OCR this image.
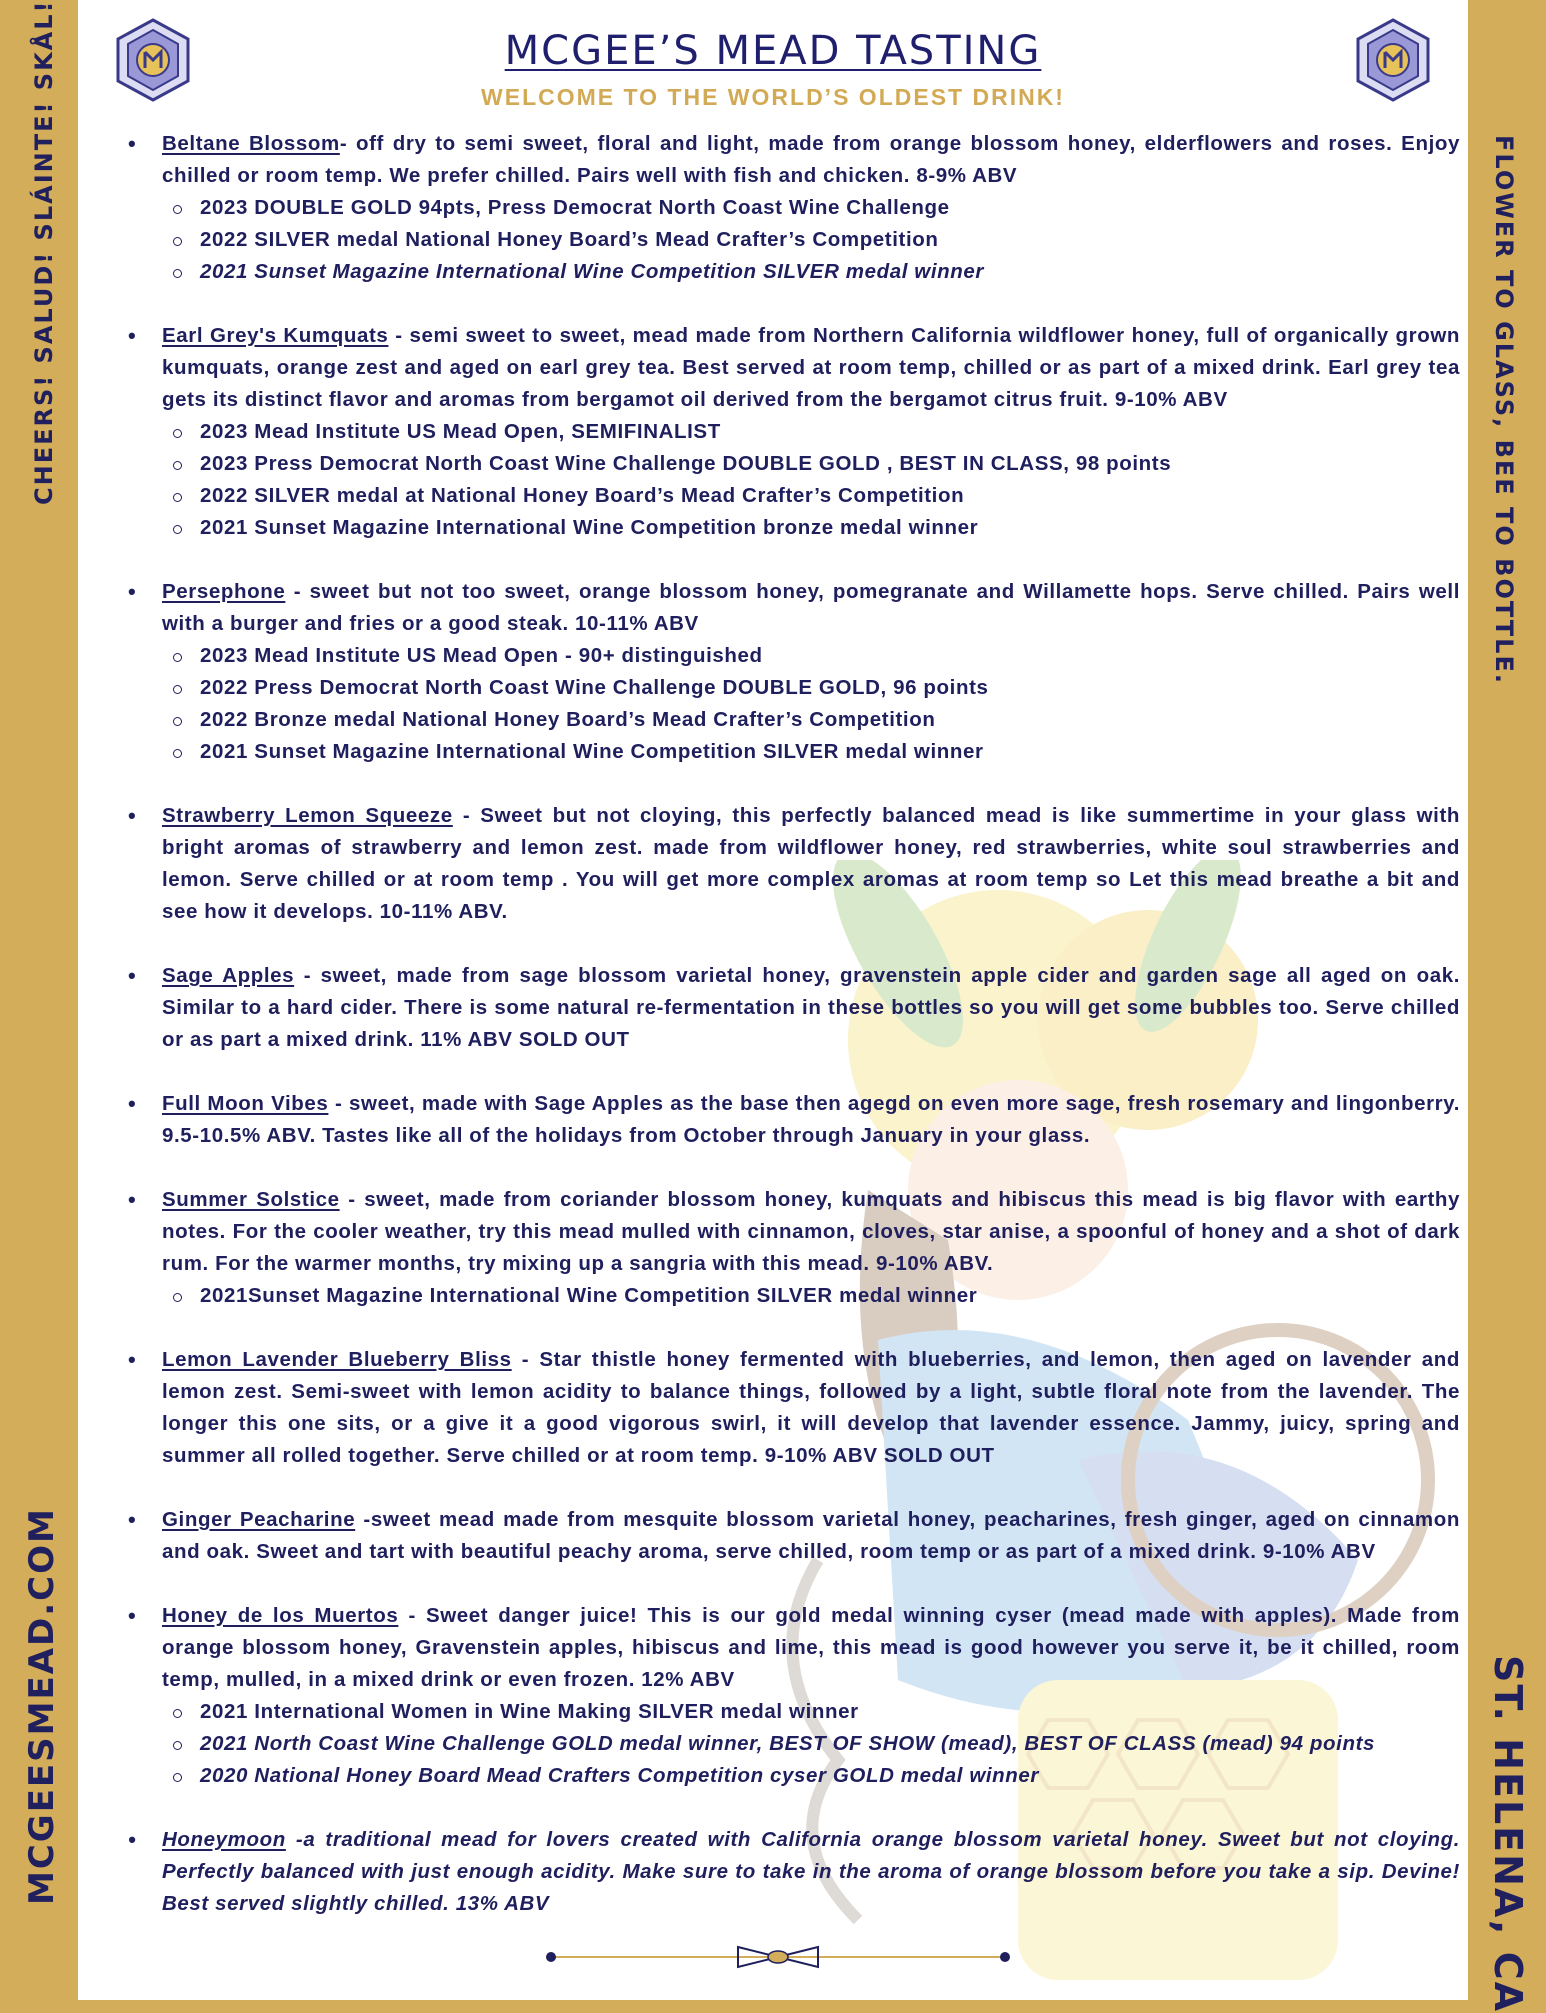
CHEERS! SALUD! SLÁINTE! SKÅL!
MCGEESMEAD.COM
FLOWER TO GLASS, BEE TO BOTTLE.
ST. HELENA, CA
MCGEE’S MEAD TASTING
WELCOME TO THE WORLD’S OLDEST DRINK!
• Beltane Blossom- off dry to semi sweet, floral and light, made from orange blossom honey, elderflowers and roses. Enjoy chilled or room temp. We prefer chilled. Pairs well with fish and chicken. 8-9% ABV
2023 DOUBLE GOLD 94pts, Press Democrat North Coast Wine Challenge
2022 SILVER medal National Honey Board’s Mead Crafter’s Competition
2021 Sunset Magazine International Wine Competition SILVER medal winner
• Earl Grey's Kumquats - semi sweet to sweet, mead made from Northern California wildflower honey, full of organically grown kumquats, orange zest and aged on earl grey tea. Best served at room temp, chilled or as part of a mixed drink. Earl grey tea gets its distinct flavor and aromas from bergamot oil derived from the bergamot citrus fruit. 9-10% ABV
2023 Mead Institute US Mead Open, SEMIFINALIST
2023 Press Democrat North Coast Wine Challenge DOUBLE GOLD , BEST IN CLASS, 98 points
2022 SILVER medal at National Honey Board’s Mead Crafter’s Competition
2021 Sunset Magazine International Wine Competition bronze medal winner
• Persephone - sweet but not too sweet, orange blossom honey, pomegranate and Willamette hops. Serve chilled. Pairs well with a burger and fries or a good steak. 10-11% ABV
2023 Mead Institute US Mead Open - 90+ distinguished
2022 Press Democrat North Coast Wine Challenge DOUBLE GOLD, 96 points
2022 Bronze medal National Honey Board’s Mead Crafter’s Competition
2021 Sunset Magazine International Wine Competition SILVER medal winner
• Strawberry Lemon Squeeze - Sweet but not cloying, this perfectly balanced mead is like summertime in your glass with bright aromas of strawberry and lemon zest. made from wildflower honey, red strawberries, white soul strawberries and lemon. Serve chilled or at room temp . You will get more complex aromas at room temp so Let this mead breathe a bit and see how it develops. 10-11% ABV.
• Sage Apples - sweet, made from sage blossom varietal honey, gravenstein apple cider and garden sage all aged on oak. Similar to a hard cider. There is some natural re-fermentation in these bottles so you will get some bubbles too. Serve chilled or as part a mixed drink. 11% ABV SOLD OUT
• Full Moon Vibes - sweet, made with Sage Apples as the base then agegd on even more sage, fresh rosemary and lingonberry. 9.5-10.5% ABV. Tastes like all of the holidays from October through January in your glass.
• Summer Solstice - sweet, made from coriander blossom honey, kumquats and hibiscus this mead is big flavor with earthy notes. For the cooler weather, try this mead mulled with cinnamon, cloves, star anise, a spoonful of honey and a shot of dark rum. For the warmer months, try mixing up a sangria with this mead. 9-10% ABV.
2021Sunset Magazine International Wine Competition SILVER medal winner
• Lemon Lavender Blueberry Bliss - Star thistle honey fermented with blueberries, and lemon, then aged on lavender and lemon zest. Semi-sweet with lemon acidity to balance things, followed by a light, subtle floral note from the lavender. The longer this one sits, or a give it a good vigorous swirl, it will develop that lavender essence. Jammy, juicy, spring and summer all rolled together. Serve chilled or at room temp. 9-10% ABV SOLD OUT
• Ginger Peacharine -sweet mead made from mesquite blossom varietal honey, peacharines, fresh ginger, aged on cinnamon and oak. Sweet and tart with beautiful peachy aroma, serve chilled, room temp or as part of a mixed drink. 9-10% ABV
• Honey de los Muertos - Sweet danger juice! This is our gold medal winning cyser (mead made with apples). Made from orange blossom honey, Gravenstein apples, hibiscus and lime, this mead is good however you serve it, be it chilled, room temp, mulled, in a mixed drink or even frozen. 12% ABV
2021 International Women in Wine Making SILVER medal winner
2021 North Coast Wine Challenge GOLD medal winner, BEST OF SHOW (mead), BEST OF CLASS (mead) 94 points
2020 National Honey Board Mead Crafters Competition cyser GOLD medal winner
• Honeymoon -a traditional mead for lovers created with California orange blossom varietal honey. Sweet but not cloying. Perfectly balanced with just enough acidity. Make sure to take in the aroma of orange blossom before you take a sip. Devine! Best served slightly chilled. 13% ABV
